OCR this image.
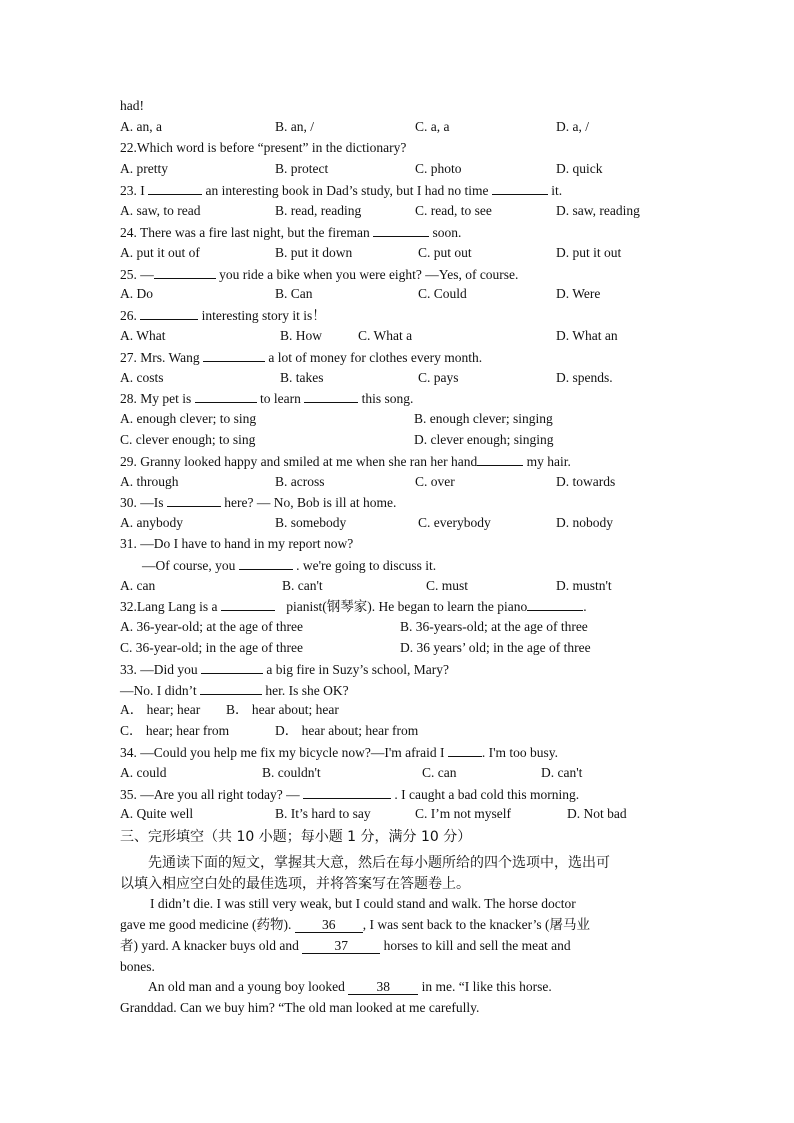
had!
A. an, a	B. an, /	C. a, a	D. a, /
22.Which word is before “present” in the dictionary?
A. pretty	B. protect	C. photo	D. quick
23. I	an interesting book in Dad’s study, but I had no time	it.
A. saw, to read	B. read, reading	C. read, to see	D. saw, reading
24. There was a fire last night, but the fireman	soon.
A. put it out of	B. put it down	C. put out	D. put it out
25. —	you ride a bike when you were eight? —Yes, of course.
A. Do	B. Can	C. Could	D. Were
26.	interesting story it is！
A. What	B. How	C. What a	D. What an
27. Mrs. Wang	a lot of money for clothes every month.
A. costs	B. takes	C. pays	D. spends.
28. My pet is	to learn	this song.
A. enough clever; to sing	B. enough clever; singing
C. clever enough; to sing	D. clever enough; singing
29. Granny looked happy and smiled at me when she ran her hand	my hair.
A. through	B. across	C. over	D. towards
30. —Is	here? — No, Bob is ill at home.
A. anybody	B. somebody	C. everybody	D. nobody
31. —Do I have to hand in my report now?
—Of course, you	. we're going to discuss it.
A. can	B. can't	C. must	D. mustn't
32.Lang Lang is a	pianist(钢琴家). He began to learn the piano	.
A. 36-year-old; at the age of three	B. 36-years-old; at the age of three
C. 36-year-old; in the age of three	D. 36 years’ old; in the age of three
33. —Did you	a big fire in Suzy’s school, Mary?
—No. I didn’t	her. Is she OK?
A． hear; hear B． hear about; hear
C． hear; hear from	D． hear about; hear from
34. —Could you help me fix my bicycle now?—I'm afraid I	. I'm too busy.
A. could	B. couldn't	C. can	D. can't
35. —Are you all right today? —	. I caught a bad cold this morning.
A. Quite well	B. It’s hard to say	C. I’m not myself	D. Not bad
三、完形填空（共 10 小题；每小题 1 分，满分 10 分）
先通读下面的短文，掌握其大意，然后在每小题所给的四个选项中，选出可
以填入相应空白处的最佳选项，并将答案写在答题卷上。
I didn’t die. I was still very weak, but I could stand and walk. The horse doctor
gave me good medicine (药物). 36 , I was sent back to the knacker’s (屠马业
者) yard. A knacker buys old and	37	horses to kill and sell the meat and
bones.
An old man and a young boy looked 38 in me. “I like this horse.
Granddad. Can we buy him? “The old man looked at me carefully.
